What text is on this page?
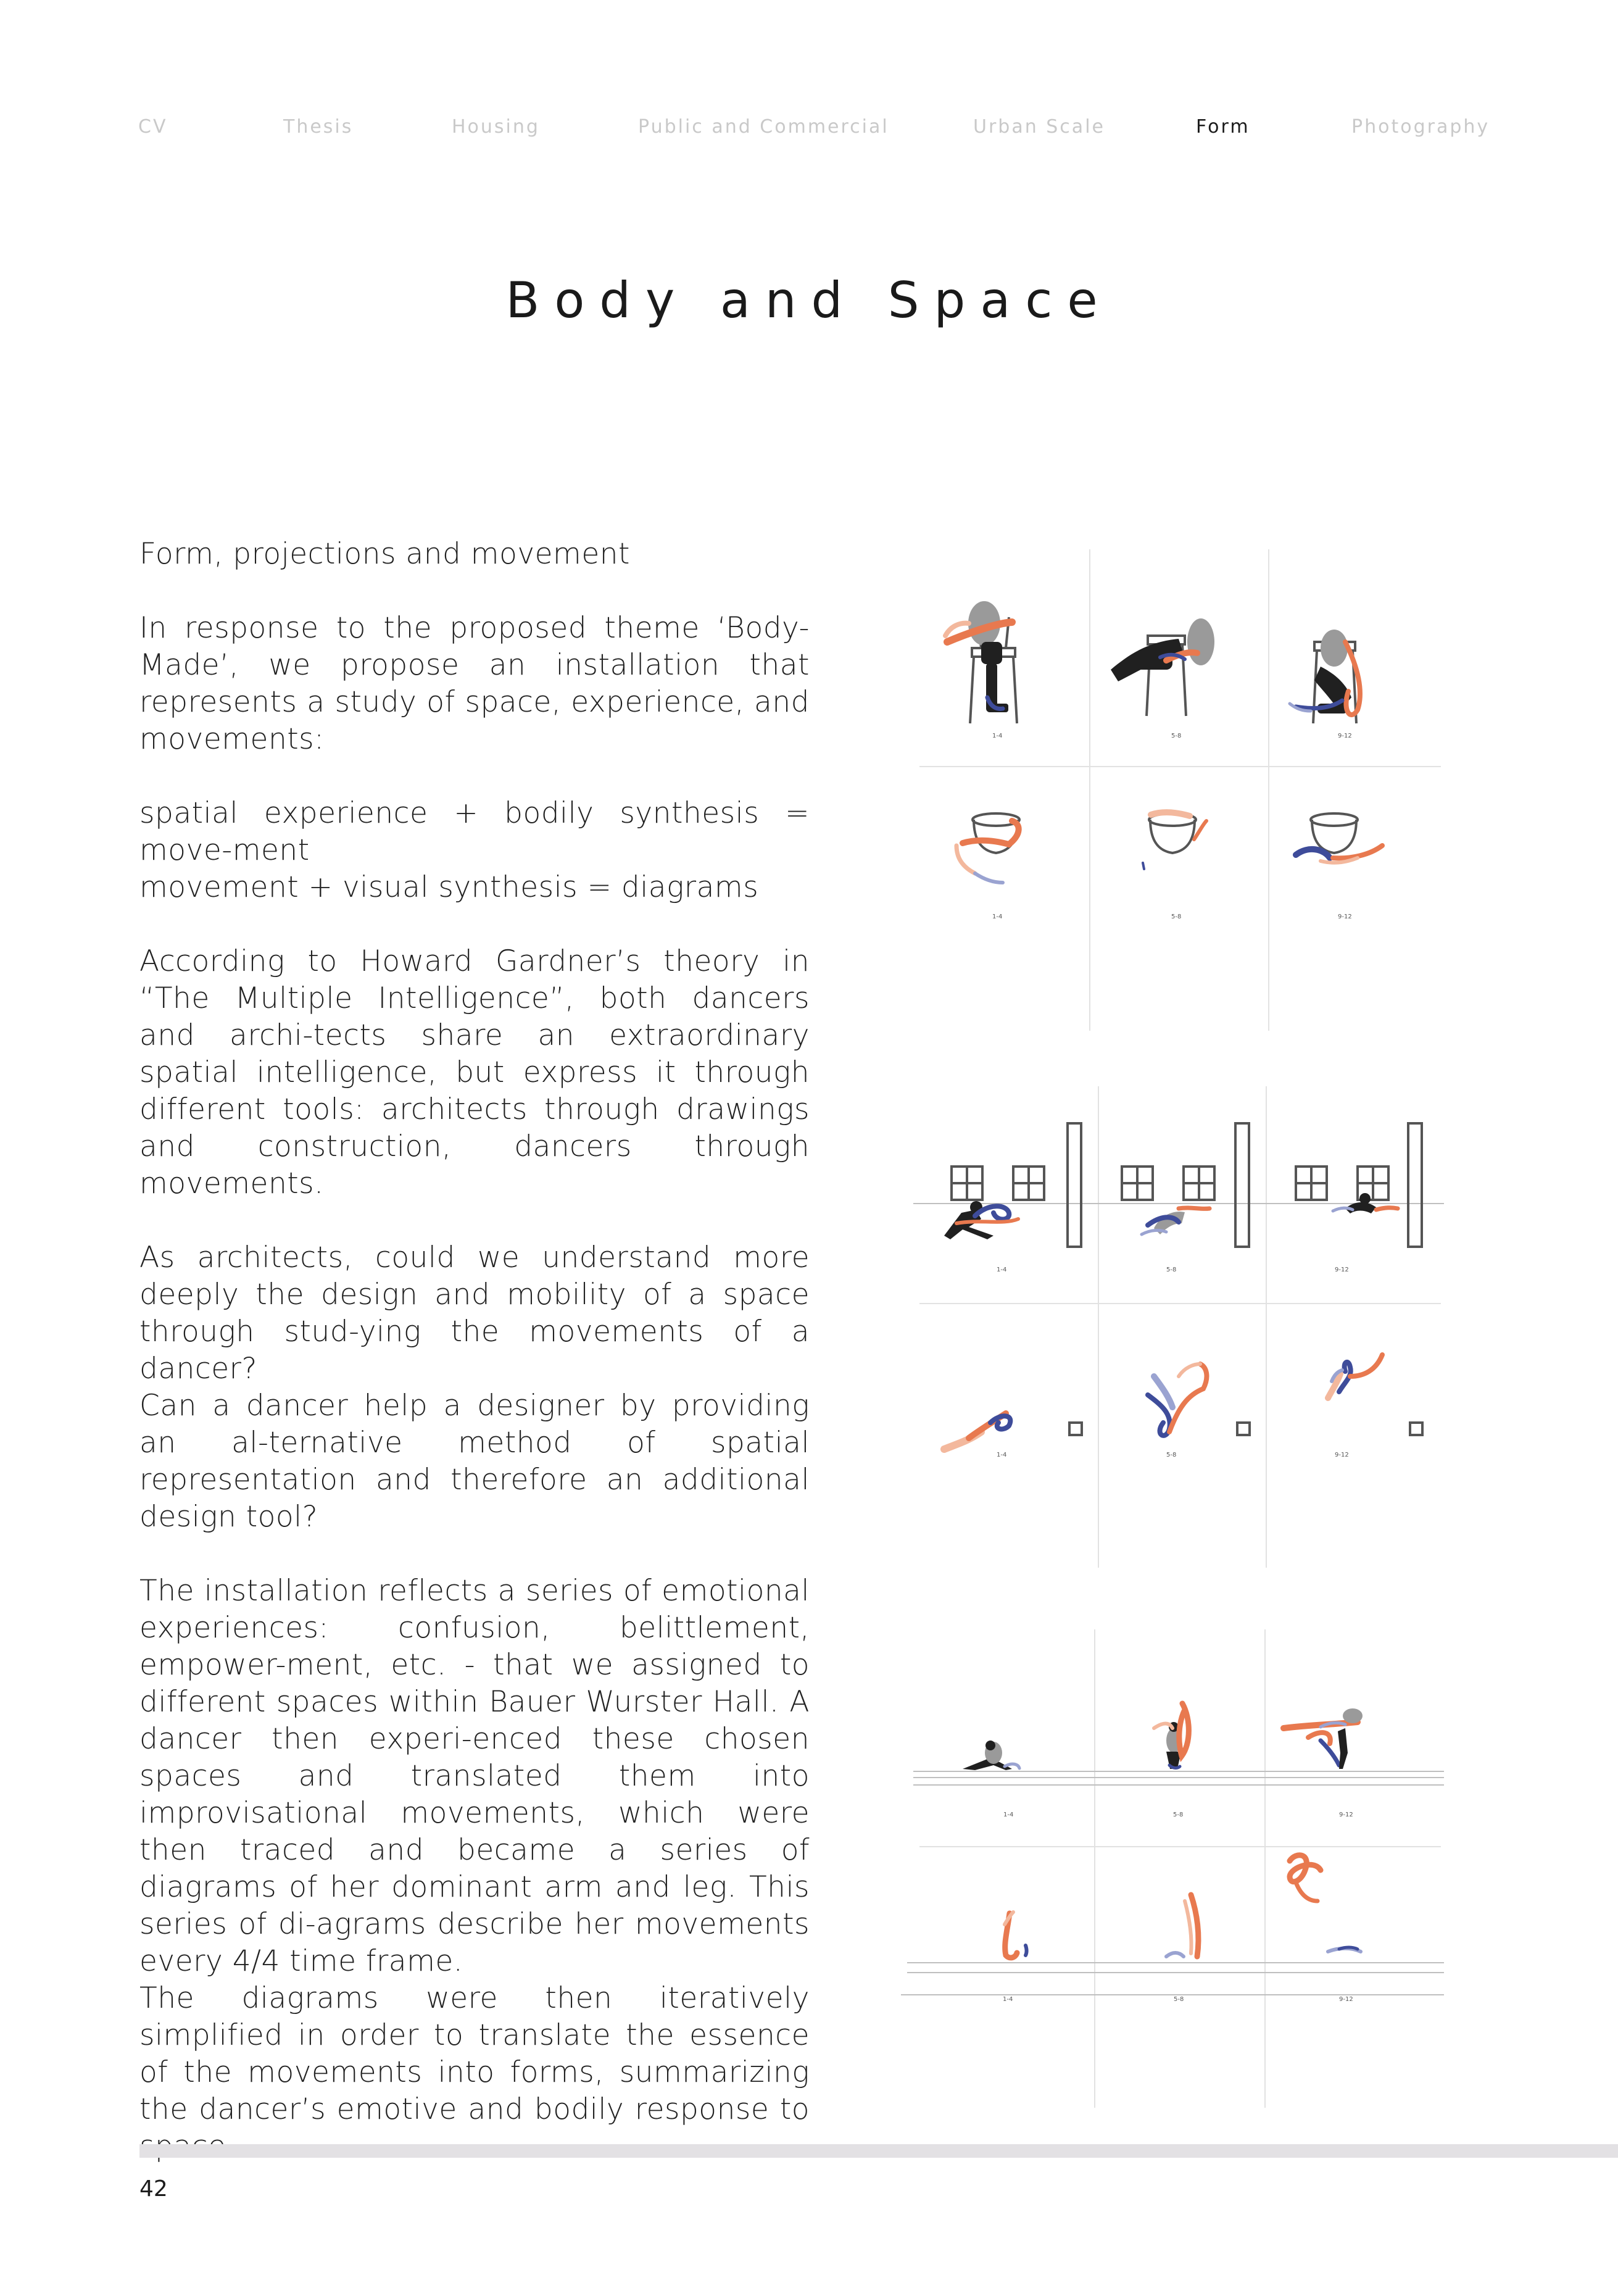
CV	Thesis	Housing	Public and Commercial	Urban Scale	Form	Photography
Body and Space

Form, projections and movement

In response to the proposed theme ‘Body-Made’, we propose an installation that represents a study of space, experience, and movements:

spatial experience + bodily synthesis = move-ment

movement + visual synthesis = diagrams

According to Howard Gardner’s theory in “The Multiple Intelligence”, both dancers and archi-tects share an extraordinary spatial intelligence, but express it through different tools: architects through drawings and construction, dancers through movements.

As architects, could we understand more deeply the design and mobility of a space through stud-ying the movements of a dancer?

Can a dancer help a designer by providing an al-ternative method of spatial representation and therefore an additional design tool?

The installation reflects a series of emotional experiences: confusion, belittlement, empower-ment, etc. - that we assigned to different spaces within Bauer Wurster Hall. A dancer then experi-enced these chosen spaces and translated them into improvisational movements, which were then traced and became a series of diagrams of her dominant arm and leg. This series of di-agrams describe her movements every 4/4 time frame.

The diagrams were then iteratively simplified in order to translate the essence of the movements into forms, summarizing the dancer’s emotive and bodily response to

1-4	5-8	9-12
1-4	5-8	9-12
1-4	5-8	9-12
1-4	5-8	9-12
1-4	5-8	9-12
1-4	5-8	9-12
42
